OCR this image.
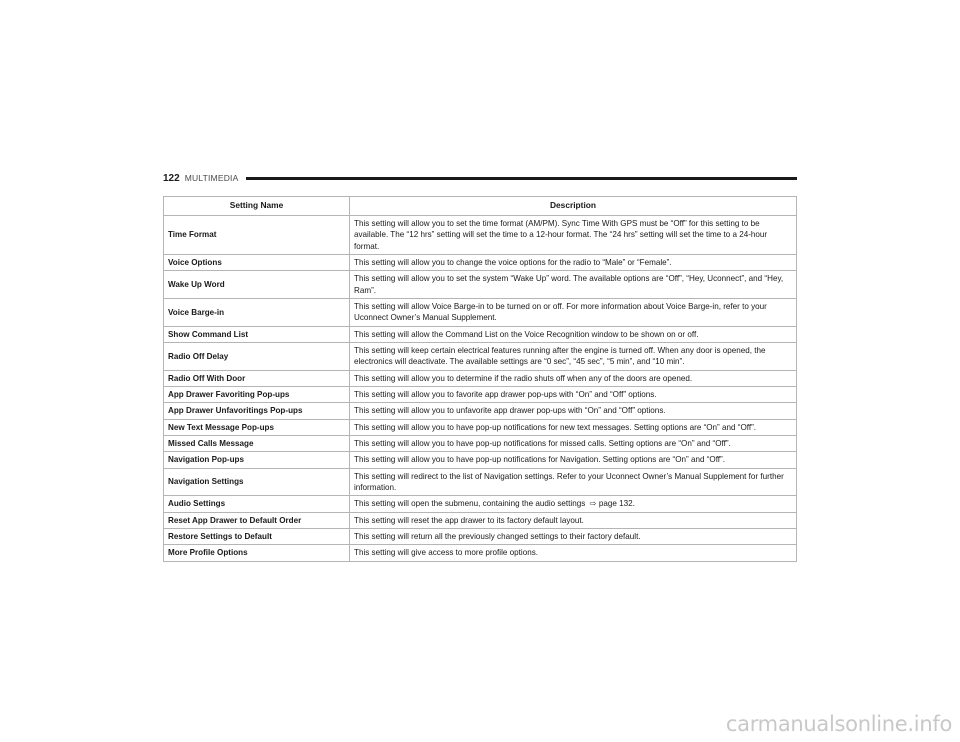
122 MULTIMEDIA
Setting Name	Description
Time Format	This setting will allow you to set the time format (AM/PM). Sync Time With GPS must be “Off” for this setting to be available. The “12 hrs” setting will set the time to a 12-hour format. The “24 hrs” setting will set the time to a 24-hour format.
Voice Options	This setting will allow you to change the voice options for the radio to “Male” or “Female”.
Wake Up Word	This setting will allow you to set the system “Wake Up” word. The available options are “Off”, “Hey, Uconnect”, and “Hey, Ram”.
Voice Barge-in	This setting will allow Voice Barge-in to be turned on or off. For more information about Voice Barge-in, refer to your Uconnect Owner’s Manual Supplement.
Show Command List	This setting will allow the Command List on the Voice Recognition window to be shown on or off.
Radio Off Delay	This setting will keep certain electrical features running after the engine is turned off. When any door is opened, the electronics will deactivate. The available settings are “0 sec”, “45 sec”, “5 min”, and “10 min”.
Radio Off With Door	This setting will allow you to determine if the radio shuts off when any of the doors are opened.
App Drawer Favoriting Pop-ups	This setting will allow you to favorite app drawer pop-ups with “On” and “Off” options.
App Drawer Unfavoritings Pop-ups	This setting will allow you to unfavorite app drawer pop-ups with “On” and “Off” options.
New Text Message Pop-ups	This setting will allow you to have pop-up notifications for new text messages. Setting options are “On” and “Off”.
Missed Calls Message	This setting will allow you to have pop-up notifications for missed calls. Setting options are “On” and “Off”.
Navigation Pop-ups	This setting will allow you to have pop-up notifications for Navigation. Setting options are “On” and “Off”.
Navigation Settings	This setting will redirect to the list of Navigation settings. Refer to your Uconnect Owner’s Manual Supplement for further information.
Audio Settings	This setting will open the submenu, containing the audio settings ⇨ page 132.
Reset App Drawer to Default Order	This setting will reset the app drawer to its factory default layout.
Restore Settings to Default	This setting will return all the previously changed settings to their factory default.
More Profile Options	This setting will give access to more profile options.
carmanualsonline.info
